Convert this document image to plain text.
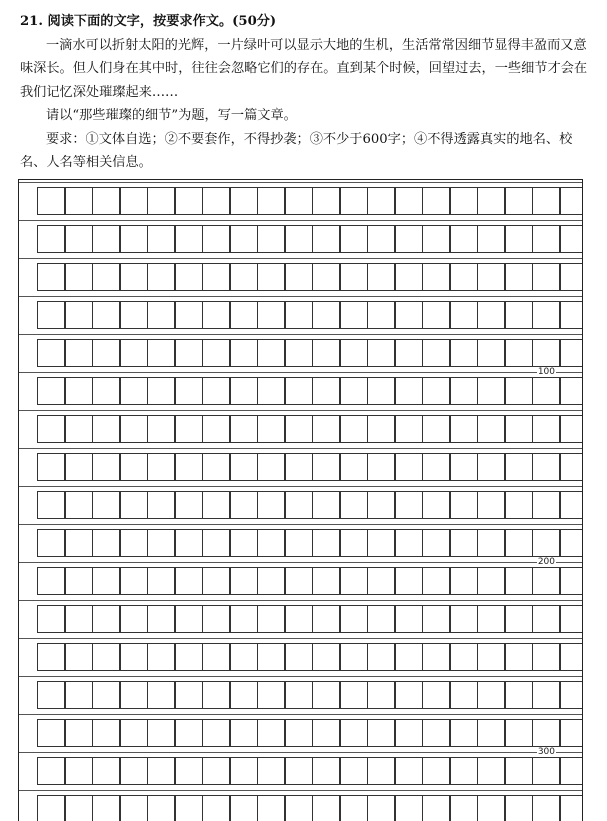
21. 阅读下面的文字，按要求作文。(50分)

一滴水可以折射太阳的光辉，一片绿叶可以显示大地的生机，生活常常因细节显得丰盈而又意味深长。但人们身在其中时，往往会忽略它们的存在。直到某个时候，回望过去，一些细节才会在我们记忆深处璀璨起来……

请以“那些璀璨的细节”为题，写一篇文章。

要求：①文体自选；②不要套作，不得抄袭；③不少于600字；④不得透露真实的地名、校名、人名等相关信息。

100
200
300
